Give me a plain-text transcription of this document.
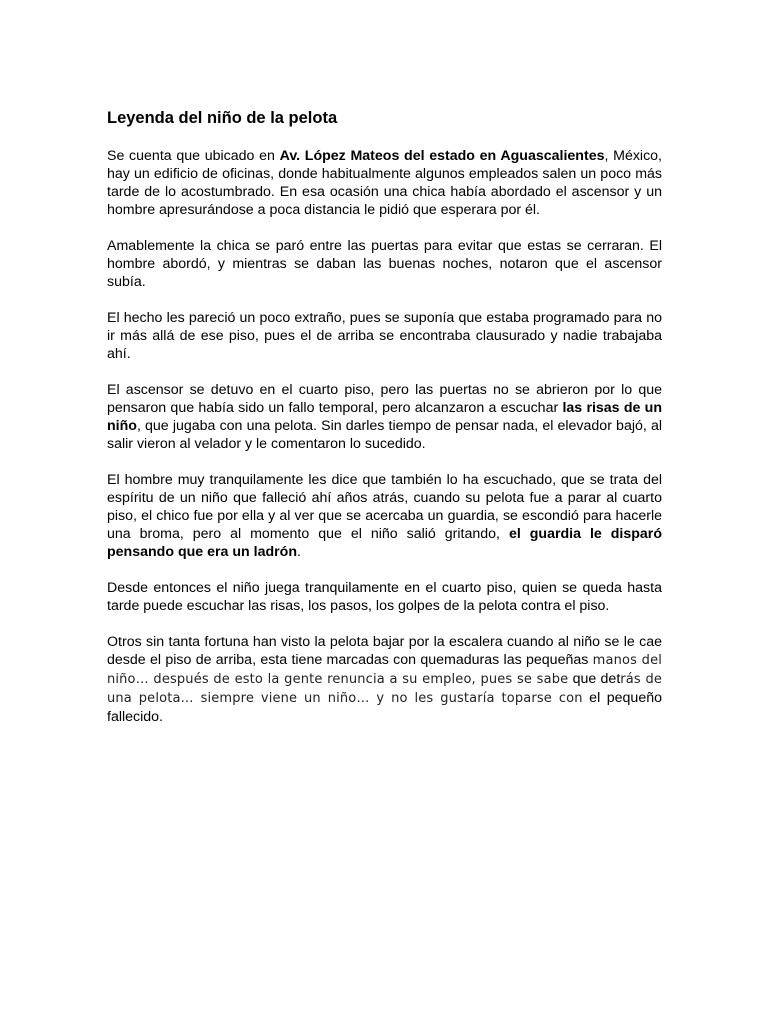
Leyenda del niño de la pelota

Se cuenta que ubicado en Av. López Mateos del estado en Aguascalientes, México, hay un edificio de oficinas, donde habitualmente algunos empleados salen un poco más tarde de lo acostumbrado. En esa ocasión una chica había abordado el ascensor y un hombre apresurándose a poca distancia le pidió que esperara por él.

Amablemente la chica se paró entre las puertas para evitar que estas se cerraran. El hombre abordó, y mientras se daban las buenas noches, notaron que el ascensor subía.

El hecho les pareció un poco extraño, pues se suponía que estaba programado para no ir más allá de ese piso, pues el de arriba se encontraba clausurado y nadie trabajaba ahí.

El ascensor se detuvo en el cuarto piso, pero las puertas no se abrieron por lo que pensaron que había sido un fallo temporal, pero alcanzaron a escuchar las risas de un niño, que jugaba con una pelota. Sin darles tiempo de pensar nada, el elevador bajó, al salir vieron al velador y le comentaron lo sucedido.

El hombre muy tranquilamente les dice que también lo ha escuchado, que se trata del espíritu de un niño que falleció ahí años atrás, cuando su pelota fue a parar al cuarto piso, el chico fue por ella y al ver que se acercaba un guardia, se escondió para hacerle una broma, pero al momento que el niño salió gritando, el guardia le disparó pensando que era un ladrón.

Desde entonces el niño juega tranquilamente en el cuarto piso, quien se queda hasta tarde puede escuchar las risas, los pasos, los golpes de la pelota contra el piso.

Otros sin tanta fortuna han visto la pelota bajar por la escalera cuando al niño se le cae desde el piso de arriba, esta tiene marcadas con quemaduras las pequeñas manos del niño… después de esto la gente renuncia a su empleo, pues se sabe que detrás de una pelota… siempre viene un niño… y no les gustaría toparse con el pequeño fallecido.
